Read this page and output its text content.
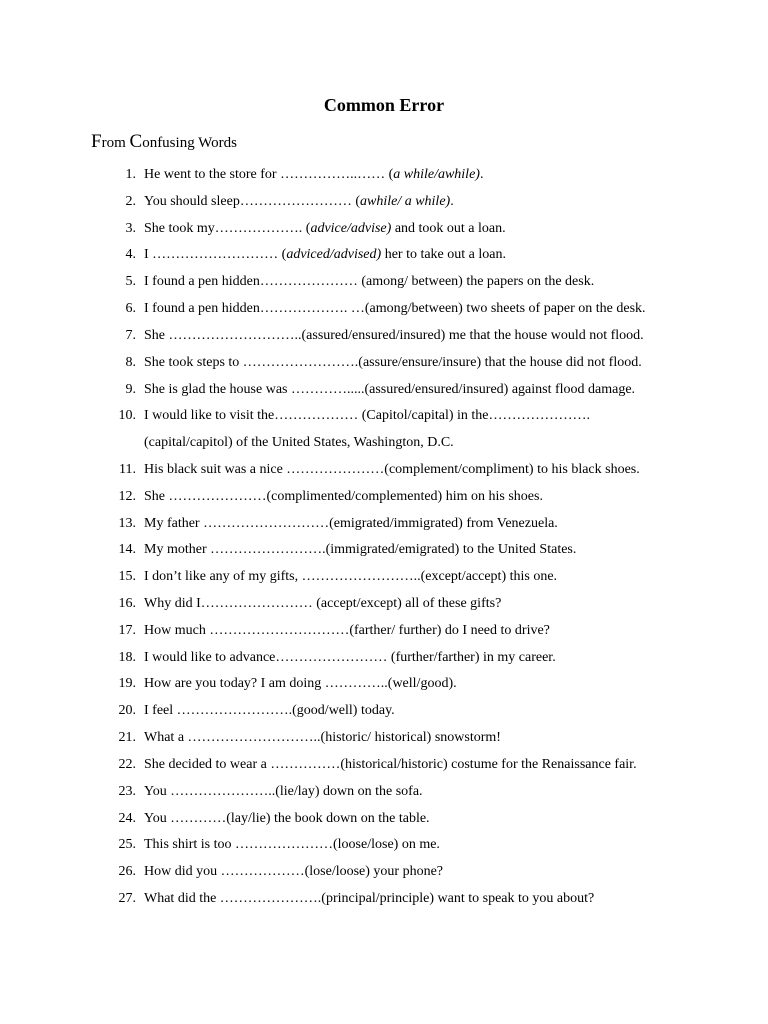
Common Error

From Confusing Words

1. He went to the store for ……………..…… (a while/awhile).
2. You should sleep…………………… (awhile/ a while).
3. She took my………………. (advice/advise) and took out a loan.
4. I ……………………… (adviced/advised) her to take out a loan.
5. I found a pen hidden………………… (among/ between) the papers on the desk.
6. I found a pen hidden………………. …(among/between) two sheets of paper on the desk.
7. She ………………………..(assured/ensured/insured) me that the house would not flood.
8. She took steps to …………………….(assure/ensure/insure) that the house did not flood.
9. She is glad the house was ………….....(assured/ensured/insured) against flood damage.
10. I would like to visit the……………… (Capitol/capital) in the………………….
(capital/capitol) of the United States, Washington, D.C.
11. His black suit was a nice …………………(complement/compliment) to his black shoes.
12. She …………………(complimented/complemented) him on his shoes.
13. My father ………………………(emigrated/immigrated) from Venezuela.
14. My mother …………………….(immigrated/emigrated) to the United States.
15. I don’t like any of my gifts, ……………………..(except/accept) this one.
16. Why did I…………………… (accept/except) all of these gifts?
17. How much …………………………(farther/ further) do I need to drive?
18. I would like to advance…………………… (further/farther) in my career.
19. How are you today? I am doing …………..(well/good).
20. I feel …………………….(good/well) today.
21. What a ………………………..(historic/ historical) snowstorm!
22. She decided to wear a ……………(historical/historic) costume for the Renaissance fair.
23. You …………………..(lie/lay) down on the sofa.
24. You …………(lay/lie) the book down on the table.
25. This shirt is too …………………(loose/lose) on me.
26. How did you ………………(lose/loose) your phone?
27. What did the ………………….(principal/principle) want to speak to you about?
